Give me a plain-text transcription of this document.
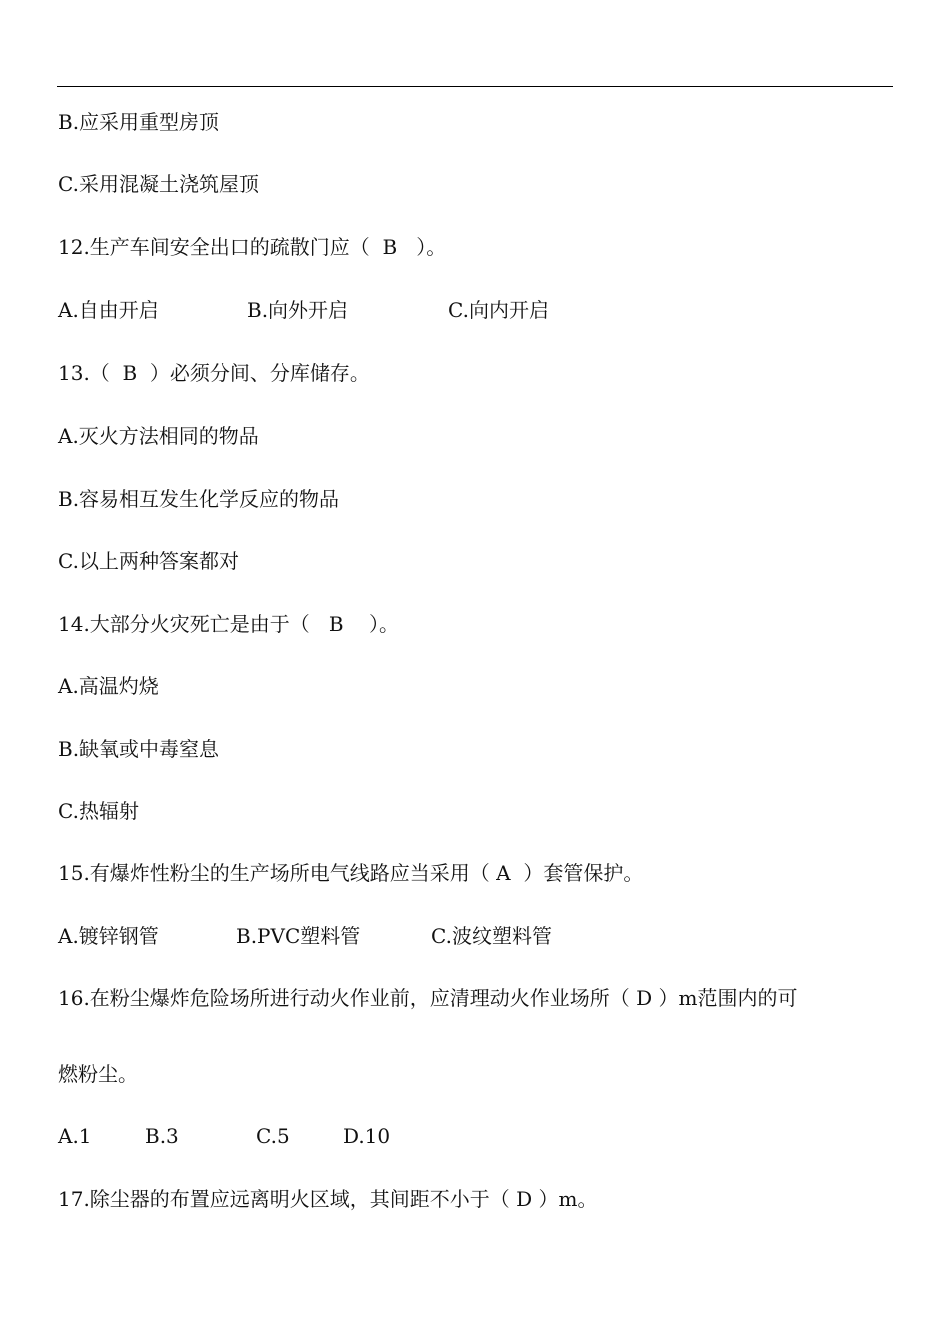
B.应采用重型房顶
C.采用混凝土浇筑屋顶
12.生产车间安全出口的疏散门应（  B   ）。
A.自由开启	B.向外开启	C.向内开启
13.（  B  ）必须分间、分库储存。
A.灭火方法相同的物品
B.容易相互发生化学反应的物品
C.以上两种答案都对
14.大部分火灾死亡是由于（   B    ）。
A.高温灼烧
B.缺氧或中毒窒息
C.热辐射
15.有爆炸性粉尘的生产场所电气线路应当采用（ A  ）套管保护。
A.镀锌钢管	B.PVC塑料管	C.波纹塑料管
16.在粉尘爆炸危险场所进行动火作业前，应清理动火作业场所（ D ）m范围内的可
燃粉尘。
A.1	B.3	C.5	D.10
17.除尘器的布置应远离明火区域，其间距不小于（ D ）m。
